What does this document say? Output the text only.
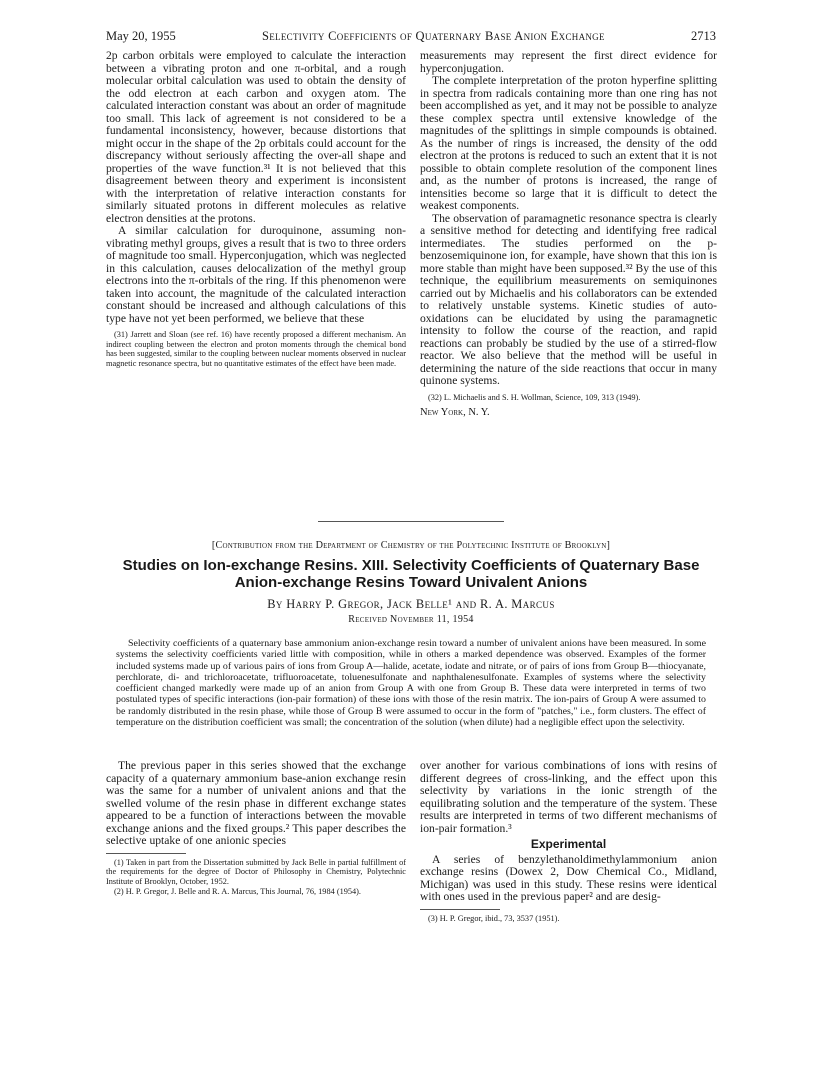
May 20, 1955	Selectivity Coefficients of Quaternary Base Anion Exchange	2713

2p carbon orbitals were employed to calculate the interaction between a vibrating proton and one π-orbital, and a rough molecular orbital calculation was used to obtain the density of the odd electron at each carbon and oxygen atom. The calculated interaction constant was about an order of magnitude too small. This lack of agreement is not considered to be a fundamental inconsistency, however, because distortions that might occur in the shape of the 2p orbitals could account for the discrepancy without seriously affecting the over-all shape and properties of the wave function.³¹ It is not believed that this disagreement between theory and experiment is inconsistent with the interpretation of relative interaction constants for similarly situated protons in different molecules as relative electron densities at the protons.

A similar calculation for duroquinone, assuming non-vibrating methyl groups, gives a result that is two to three orders of magnitude too small. Hyperconjugation, which was neglected in this calculation, causes delocalization of the methyl group electrons into the π-orbitals of the ring. If this phenomenon were taken into account, the magnitude of the calculated interaction constant should be increased and although calculations of this type have not yet been performed, we believe that these

(31) Jarrett and Sloan (see ref. 16) have recently proposed a different mechanism. An indirect coupling between the electron and proton moments through the chemical bond has been suggested, similar to the coupling between nuclear moments observed in nuclear magnetic resonance spectra, but no quantitative estimates of the effect have been made.

measurements may represent the first direct evidence for hyperconjugation.

The complete interpretation of the proton hyperfine splitting in spectra from radicals containing more than one ring has not been accomplished as yet, and it may not be possible to analyze these complex spectra until extensive knowledge of the magnitudes of the splittings in simple compounds is obtained. As the number of rings is increased, the density of the odd electron at the protons is reduced to such an extent that it is not possible to obtain complete resolution of the component lines and, as the number of protons is increased, the range of intensities become so large that it is difficult to detect the weakest components.

The observation of paramagnetic resonance spectra is clearly a sensitive method for detecting and identifying free radical intermediates. The studies performed on the p-benzosemiquinone ion, for example, have shown that this ion is more stable than might have been supposed.³² By the use of this technique, the equilibrium measurements on semiquinones carried out by Michaelis and his collaborators can be extended to relatively unstable systems. Kinetic studies of auto-oxidations can be elucidated by using the paramagnetic intensity to follow the course of the reaction, and rapid reactions can probably be studied by the use of a stirred-flow reactor. We also believe that the method will be useful in determining the nature of the side reactions that occur in many quinone systems.

(32) L. Michaelis and S. H. Wollman, Science, 109, 313 (1949).

New York, N. Y.
[Contribution from the Department of Chemistry of the Polytechnic Institute of Brooklyn]
Studies on Ion-exchange Resins. XIII. Selectivity Coefficients of Quaternary Base
Anion-exchange Resins Toward Univalent Anions
By Harry P. Gregor, Jack Belle¹ and R. A. Marcus
Received November 11, 1954

Selectivity coefficients of a quaternary base ammonium anion-exchange resin toward a number of univalent anions have been measured. In some systems the selectivity coefficients varied little with composition, while in others a marked dependence was observed. Examples of the former included systems made up of various pairs of ions from Group A—halide, acetate, iodate and nitrate, or of pairs of ions from Group B—thiocyanate, perchlorate, di- and trichloroacetate, trifluoroacetate, toluenesulfonate and naphthalenesulfonate. Examples of systems where the selectivity coefficient changed markedly were made up of an anion from Group A with one from Group B. These data were interpreted in terms of two postulated types of specific interactions (ion-pair formation) of these ions with those of the resin matrix. The ion-pairs of Group A were assumed to be randomly distributed in the resin phase, while those of Group B were assumed to occur in the form of "patches," i.e., form clusters. The effect of temperature on the distribution coefficient was small; the concentration of the solution (when dilute) had a negligible effect upon the selectivity.

The previous paper in this series showed that the exchange capacity of a quaternary ammonium base-anion exchange resin was the same for a number of univalent anions and that the swelled volume of the resin phase in different exchange states appeared to be a function of interactions between the movable exchange anions and the fixed groups.² This paper describes the selective uptake of one anionic species

(1) Taken in part from the Dissertation submitted by Jack Belle in partial fulfillment of the requirements for the degree of Doctor of Philosophy in Chemistry, Polytechnic Institute of Brooklyn, October, 1952.

(2) H. P. Gregor, J. Belle and R. A. Marcus, This Journal, 76, 1984 (1954).

over another for various combinations of ions with resins of different degrees of cross-linking, and the effect upon this selectivity by variations in the ionic strength of the equilibrating solution and the temperature of the system. These results are interpreted in terms of two different mechanisms of ion-pair formation.³

Experimental

A series of benzylethanoldimethylammonium anion exchange resins (Dowex 2, Dow Chemical Co., Midland, Michigan) was used in this study. These resins were identical with ones used in the previous paper² and are desig-

(3) H. P. Gregor, ibid., 73, 3537 (1951).
